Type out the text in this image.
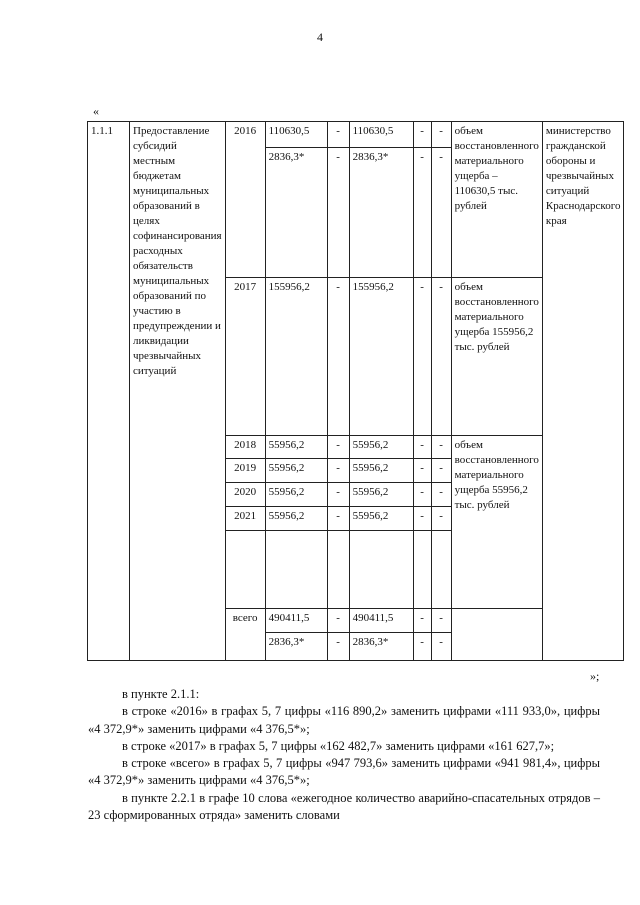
4
«
1.1.1	Предоставление субсидий местным бюджетам муниципальных образований в целях софинансирования расходных обязательств муниципальных образований по участию в предупреждении и ликвидации чрезвычайных ситуаций	2016	110630,5	-	110630,5	-	-	объем восстановленного материального ущерба – 110630,5 тыс. рублей	министерство гражданской обороны и чрезвычайных ситуаций Краснодарского края
			2836,3*	-	2836,3*	-	-		
		2017	155956,2	-	155956,2	-	-	объем восстановленного материального ущерба 155956,2 тыс. рублей	
		2018	55956,2	-	55956,2	-	-	объем восстановленного материального ущерба 55956,2 тыс. рублей	
		2019	55956,2	-	55956,2	-	-		
		2020	55956,2	-	55956,2	-	-		
		2021	55956,2	-	55956,2	-	-		

		всего	490411,5	-	490411,5	-	-		
			2836,3*	-	2836,3*	-	-		
»;

в пункте 2.1.1:

в строке «2016» в графах 5, 7 цифры «116 890,2» заменить цифрами «111 933,0», цифры «4 372,9*» заменить цифрами «4 376,5*»;

в строке «2017» в графах 5, 7 цифры «162 482,7» заменить цифрами «161 627,7»;

в строке «всего» в графах 5, 7 цифры «947 793,6» заменить цифрами «941 981,4», цифры «4 372,9*» заменить цифрами «4 376,5*»;

в пункте 2.2.1 в графе 10 слова «ежегодное количество аварийно-спасательных отрядов – 23 сформированных отряда» заменить словами
